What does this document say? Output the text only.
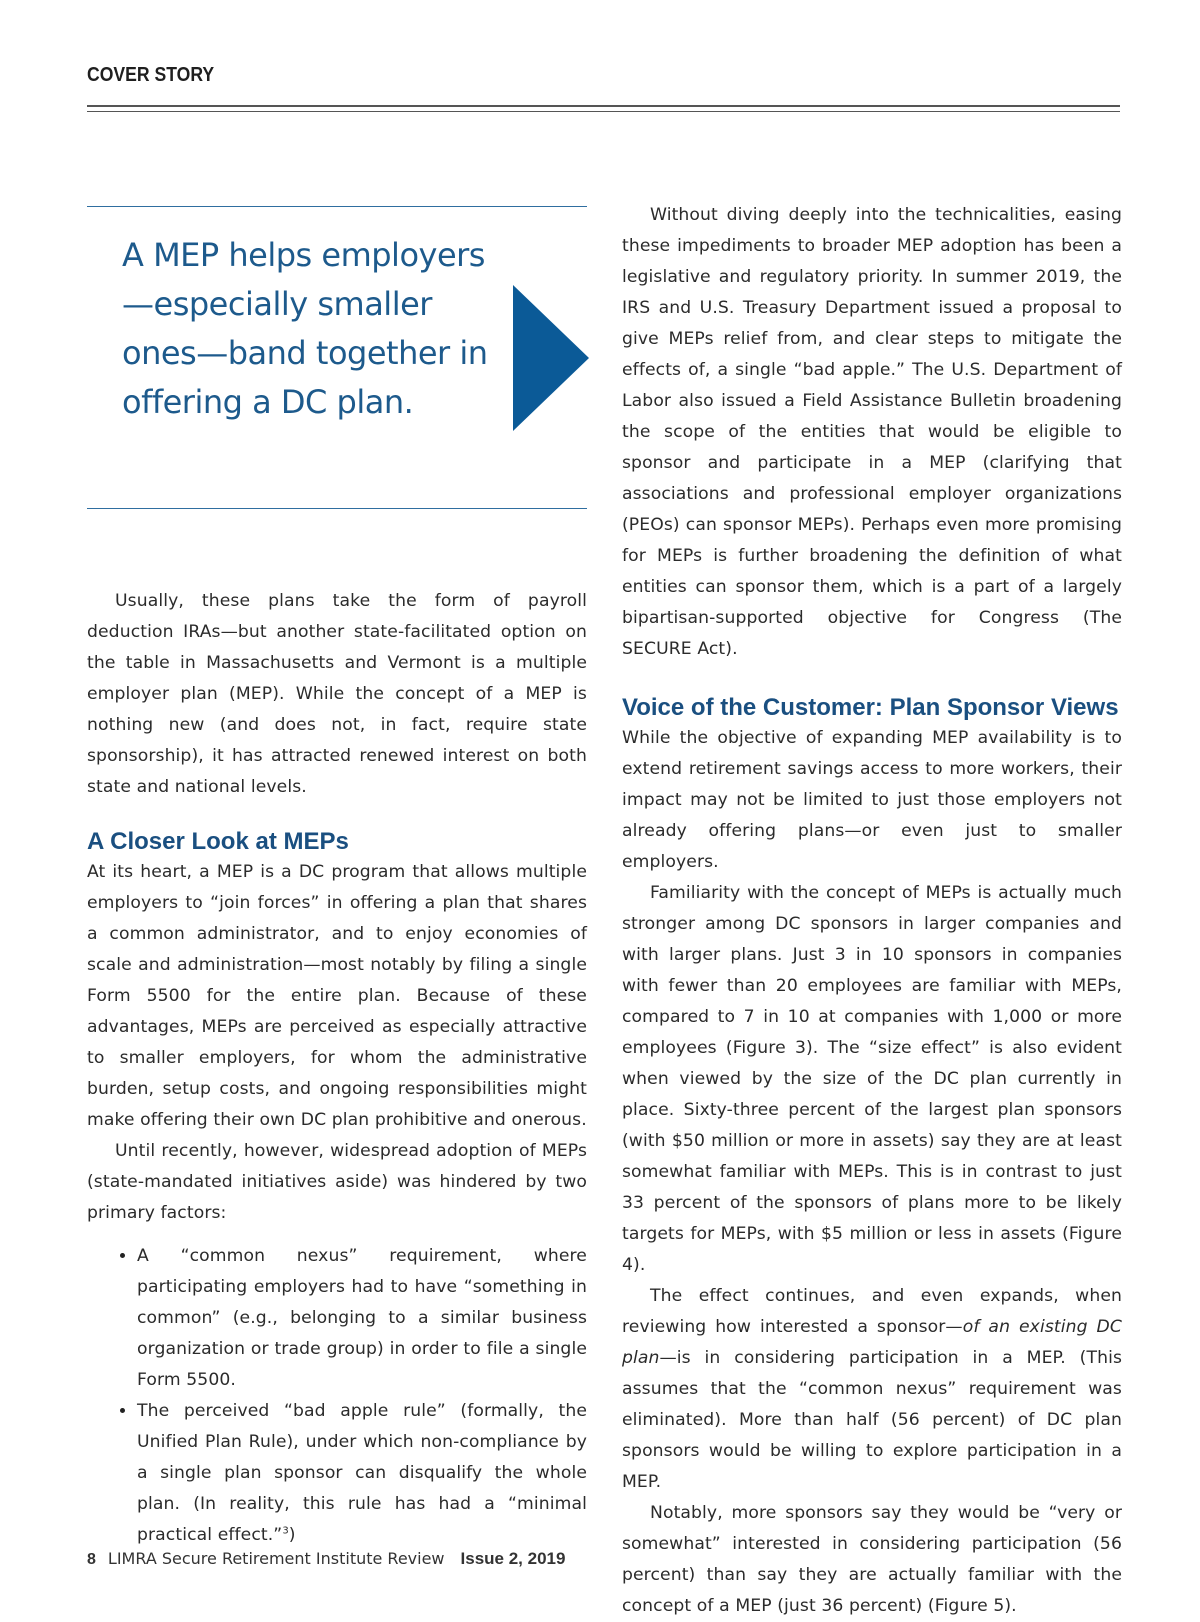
COVER STORY
A MEP helps employers—especially smaller ones—band together in offering a DC plan.

Usually, these plans take the form of payroll deduction IRAs—but another state-facilitated option on the table in Massachusetts and Vermont is a multiple employer plan (MEP). While the concept of a MEP is nothing new (and does not, in fact, require state sponsorship), it has attracted renewed interest on both state and national levels.

A Closer Look at MEPs

At its heart, a MEP is a DC program that allows multiple employers to “join forces” in offering a plan that shares a common administrator, and to enjoy economies of scale and administration—most notably by filing a single Form 5500 for the entire plan. Because of these advantages, MEPs are perceived as especially attractive to smaller employers, for whom the administrative burden, setup costs, and ongoing responsibilities might make offering their own DC plan prohibitive and onerous.

Until recently, however, widespread adoption of MEPs (state-mandated initiatives aside) was hindered by two primary factors:

• A “common nexus” requirement, where participating employers had to have “something in common” (e.g., belonging to a similar business organization or trade group) in order to file a single Form 5500.
• The perceived “bad apple rule” (formally, the Unified Plan Rule), under which non-compliance by a single plan sponsor can disqualify the whole plan. (In reality, this rule has had a “minimal practical effect.”$^3$)

Without diving deeply into the technicalities, easing these impediments to broader MEP adoption has been a legislative and regulatory priority. In summer 2019, the IRS and U.S. Treasury Department issued a proposal to give MEPs relief from, and clear steps to mitigate the effects of, a single “bad apple.” The U.S. Department of Labor also issued a Field Assistance Bulletin broadening the scope of the entities that would be eligible to sponsor and participate in a MEP (clarifying that associations and professional employer organizations (PEOs) can sponsor MEPs). Perhaps even more promising for MEPs is further broadening the definition of what entities can sponsor them, which is a part of a largely bipartisan-supported objective for Congress (The SECURE Act).

Voice of the Customer: Plan Sponsor Views

While the objective of expanding MEP availability is to extend retirement savings access to more workers, their impact may not be limited to just those employers not already offering plans—or even just to smaller employers.

Familiarity with the concept of MEPs is actually much stronger among DC sponsors in larger companies and with larger plans. Just 3 in 10 sponsors in companies with fewer than 20 employees are familiar with MEPs, compared to 7 in 10 at companies with 1,000 or more employees (Figure 3). The “size effect” is also evident when viewed by the size of the DC plan currently in place. Sixty-three percent of the largest plan sponsors (with $50 million or more in assets) say they are at least somewhat familiar with MEPs. This is in contrast to just 33 percent of the sponsors of plans more to be likely targets for MEPs, with $5 million or less in assets (Figure 4).

The effect continues, and even expands, when reviewing how interested a sponsor—of an existing DC plan—is in considering participation in a MEP. (This assumes that the “common nexus” requirement was eliminated). More than half (56 percent) of DC plan sponsors would be willing to explore participation in a MEP.

Notably, more sponsors say they would be “very or somewhat” interested in considering participation (56 percent) than say they are actually familiar with the concept of a MEP (just 36 percent) (Figure 5).

8 LIMRA Secure Retirement Institute Review Issue 2, 2019
